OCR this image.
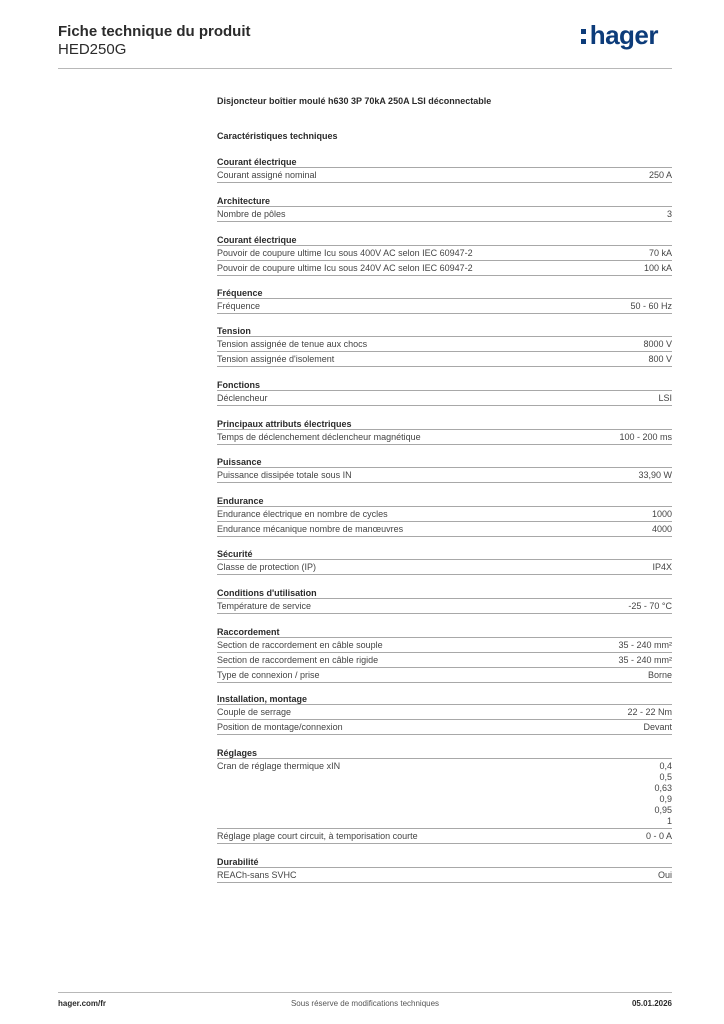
Fiche technique du produit
HED250G	hager
Disjoncteur boîtier moulé h630 3P 70kA 250A LSI déconnectable
Caractéristiques techniques
Courant électrique
Courant assigné nominal	250 A
Architecture
Nombre de pôles	3
Courant électrique
Pouvoir de coupure ultime Icu sous 400V AC selon IEC 60947-2	70 kA
Pouvoir de coupure ultime Icu sous 240V AC selon IEC 60947-2	100 kA
Fréquence
Fréquence	50 - 60 Hz
Tension
Tension assignée de tenue aux chocs	8000 V
Tension assignée d'isolement	800 V
Fonctions
Déclencheur	LSI
Principaux attributs électriques
Temps de déclenchement déclencheur magnétique	100 - 200 ms
Puissance
Puissance dissipée totale sous IN	33,90 W
Endurance
Endurance électrique en nombre de cycles	1000
Endurance mécanique nombre de manœuvres	4000
Sécurité
Classe de protection (IP)	IP4X
Conditions d'utilisation
Température de service	-25 - 70 °C
Raccordement
Section de raccordement en câble souple	35 - 240 mm²
Section de raccordement en câble rigide	35 - 240 mm²
Type de connexion / prise	Borne
Installation, montage
Couple de serrage	22 - 22 Nm
Position de montage/connexion	Devant
Réglages
Cran de réglage thermique xIN	0,4
0,5
0,63
0,9
0,95
1
Réglage plage court circuit, à temporisation courte	0 - 0 A
Durabilité
REACh-sans SVHC	Oui
hager.com/fr	Sous réserve de modifications techniques	05.01.2026
